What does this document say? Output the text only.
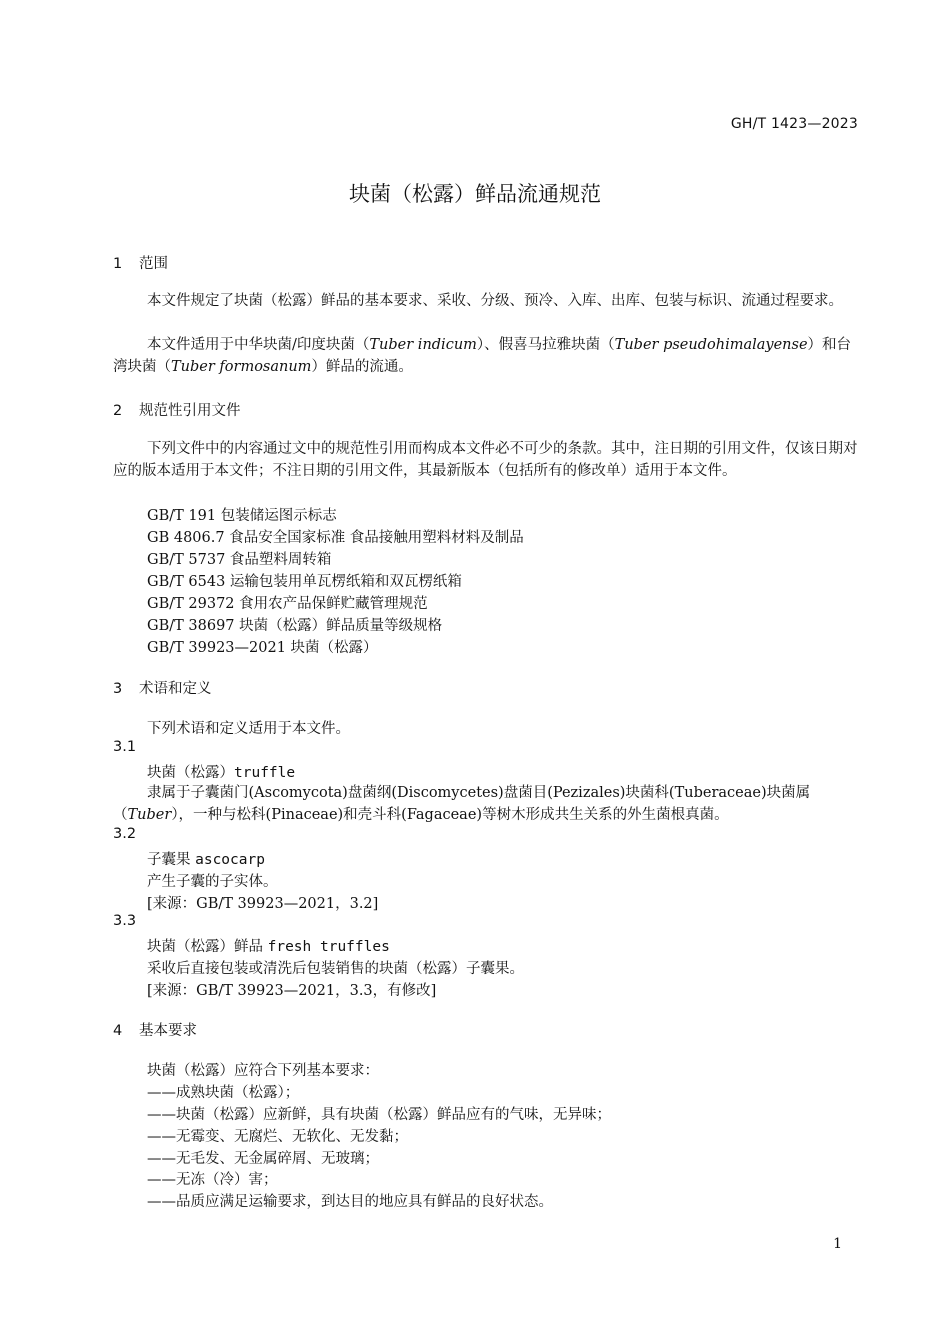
GH/T 1423—2023
块菌（松露）鲜品流通规范
1 范围
本文件规定了块菌（松露）鲜品的基本要求、采收、分级、预冷、入库、出库、包装与标识、流通过程要求。
本文件适用于中华块菌/印度块菌（Tuber indicum）、假喜马拉雅块菌（Tuber pseudohimalayense）和台湾块菌（Tuber formosanum）鲜品的流通。
2 规范性引用文件
下列文件中的内容通过文中的规范性引用而构成本文件必不可少的条款。其中，注日期的引用文件，仅该日期对应的版本适用于本文件；不注日期的引用文件，其最新版本（包括所有的修改单）适用于本文件。
GB/T 191 包装储运图示标志
GB 4806.7 食品安全国家标准 食品接触用塑料材料及制品
GB/T 5737 食品塑料周转箱
GB/T 6543 运输包装用单瓦楞纸箱和双瓦楞纸箱
GB/T 29372 食用农产品保鲜贮藏管理规范
GB/T 38697 块菌（松露）鲜品质量等级规格
GB/T 39923—2021 块菌（松露）
3 术语和定义
下列术语和定义适用于本文件。
3.1
块菌（松露）truffle
隶属于子囊菌门(Ascomycota)盘菌纲(Discomycetes)盘菌目(Pezizales)块菌科(Tuberaceae)块菌属（Tuber），一种与松科(Pinaceae)和壳斗科(Fagaceae)等树木形成共生关系的外生菌根真菌。
3.2
子囊果 ascocarp
产生子囊的子实体。
[来源：GB/T 39923—2021，3.2]
3.3
块菌（松露）鲜品 fresh truffles
采收后直接包装或清洗后包装销售的块菌（松露）子囊果。
[来源：GB/T 39923—2021，3.3，有修改]
4 基本要求
块菌（松露）应符合下列基本要求：
——成熟块菌（松露）；
——块菌（松露）应新鲜，具有块菌（松露）鲜品应有的气味，无异味；
——无霉变、无腐烂、无软化、无发黏；
——无毛发、无金属碎屑、无玻璃；
——无冻（冷）害；
——品质应满足运输要求，到达目的地应具有鲜品的良好状态。
1
